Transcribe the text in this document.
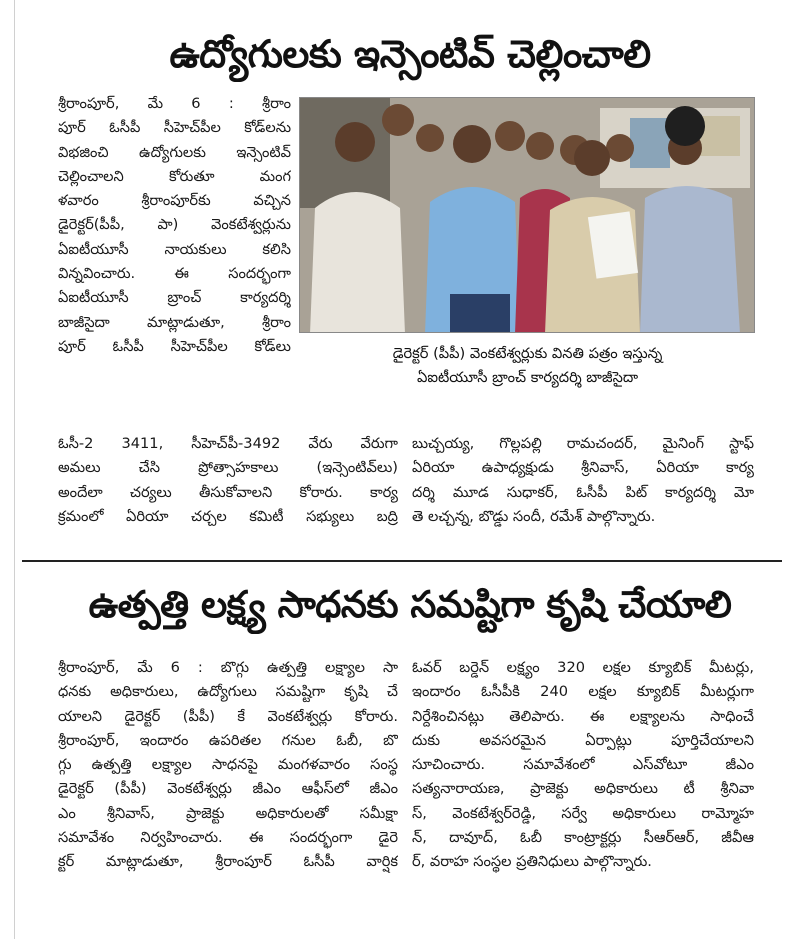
ఉద్యోగులకు ఇన్సెంటివ్ చెల్లించాలి
శ్రీరాంపూర్, మే 6 : శ్రీరాం
పూర్ ఓసీపీ సీహెచ్‌పీల కోడ్‌లను
విభజించి ఉద్యోగులకు ఇన్సెంటివ్
చెల్లించాలని కోరుతూ మంగ
ళవారం శ్రీరాంపూర్‌కు వచ్చిన
డైరెక్టర్(పీపీ, పా) వెంకటేశ్వర్లును
ఏఐటీయూసీ నాయకులు కలిసి
విన్నవించారు. ఈ సందర్భంగా
ఏఐటీయూసీ బ్రాంచ్ కార్యదర్శి
బాజీసైదా మాట్లాడుతూ, శ్రీరాం
పూర్ ఓసీపీ సీహెచ్‌పీల కోడ్‌లు	డైరెక్టర్ (పీపీ) వెంకటేశ్వర్లుకు వినతి పత్రం ఇస్తున్న
ఏఐటీయూసీ బ్రాంచ్ కార్యదర్శి బాజీసైదా
ఓసీ-2 3411, సీహెచ్‌పీ-3492 వేరు వేరుగా
అమలు చేసి ప్రోత్సాహకాలు (ఇన్సెంటివ్‌లు)
అందేలా చర్యలు తీసుకోవాలని కోరారు. కార్య
క్రమంలో ఏరియా చర్చల కమిటీ సభ్యులు బద్రి
బుచ్చయ్య, గొల్లపల్లి రామచందర్, మైనింగ్ స్టాఫ్
ఏరియా ఉపాధ్యక్షుడు శ్రీనివాస్, ఏరియా కార్య
దర్శి మూడ సుధాకర్, ఓసీపీ పిట్ కార్యదర్శి మో
తె లచ్చన్న, బొడ్డు సందీ, రమేశ్ పాల్గొన్నారు.
ఉత్పత్తి లక్ష్య సాధనకు సమష్టిగా కృషి చేయాలి
శ్రీరాంపూర్, మే 6 : బొగ్గు ఉత్పత్తి లక్ష్యాల సా
ధనకు అధికారులు, ఉద్యోగులు సమష్టిగా కృషి చే
యాలని డైరెక్టర్ (పీపీ) కే వెంకటేశ్వర్లు కోరారు.
శ్రీరాంపూర్, ఇందారం ఉపరితల గనుల ఓబీ, బొ
గ్గు ఉత్పత్తి లక్ష్యాల సాధనపై మంగళవారం సంస్థ
డైరెక్టర్ (పీపీ) వెంకటేశ్వర్లు జీఎం ఆఫీస్‌లో జీఎం
ఎం శ్రీనివాస్, ప్రాజెక్టు అధికారులతో సమీక్షా
సమావేశం నిర్వహించారు. ఈ సందర్భంగా డైరె
క్టర్ మాట్లాడుతూ, శ్రీరాంపూర్ ఓసీపీ వార్షిక
ఓవర్ బర్డెన్ లక్ష్యం 320 లక్షల క్యూబిక్ మీటర్లు,
ఇందారం ఓసీపీకి 240 లక్షల క్యూబిక్ మీటర్లుగా
నిర్దేశించినట్లు తెలిపారు. ఈ లక్ష్యాలను సాధించే
దుకు అవసరమైన ఏర్పాట్లు పూర్తిచేయాలని
సూచించారు. సమావేశంలో ఎస్‌వోటూ జీఎం
సత్యనారాయణ, ప్రాజెక్టు అధికారులు టీ శ్రీనివా
స్, వెంకటేశ్వర్‌రెడ్డి, సర్వే అధికారులు రామ్మోహ
న్, దావూద్, ఓబీ కాంట్రాక్టర్లు సీఆర్ఆర్, జీవీఆ
ర్, వరాహ సంస్థల ప్రతినిధులు పాల్గొన్నారు.
